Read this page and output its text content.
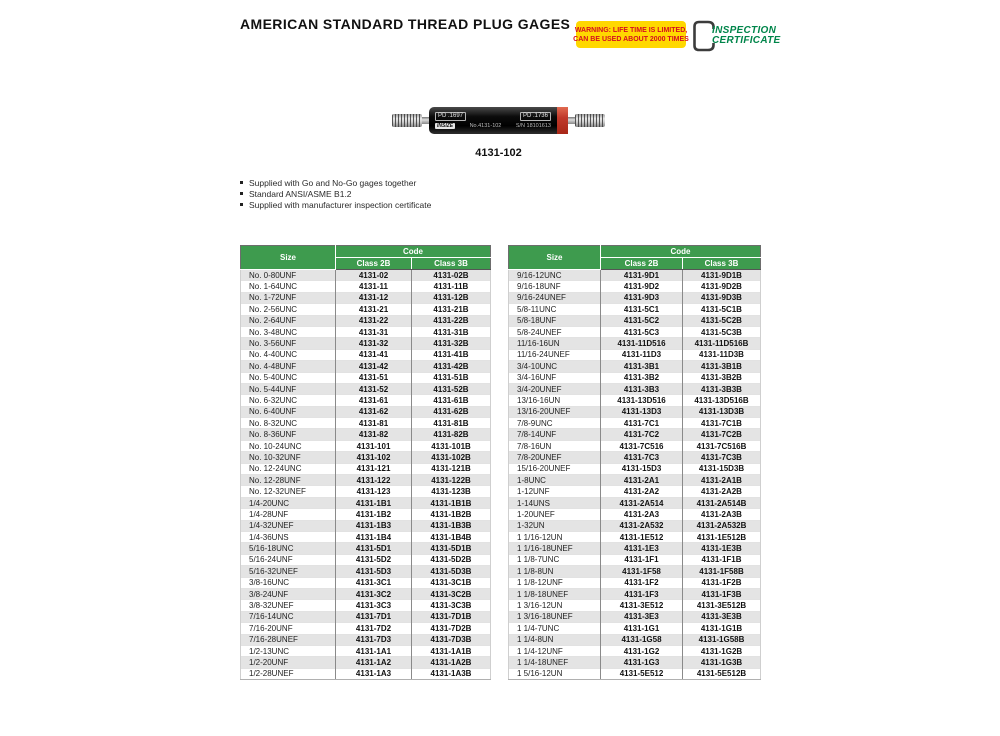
AMERICAN STANDARD THREAD PLUG GAGES WARNING: LIFE TIME IS LIMITED,
CAN BE USED ABOUT 2000 TIMES
INSPECTION
CERTIFICATE
PD .1697	PD .1736
INSIZE	No.4131-102	S/N 18101613
4131-102
Supplied with Go and No-Go gages together
Standard ANSI/ASME B1.2
Supplied with manufacturer inspection certificate
Size	Code	
	Class 2B	Class 3B
No. 0-80UNF	4131-02	4131-02B
No. 1-64UNC	4131-11	4131-11B
No. 1-72UNF	4131-12	4131-12B
No. 2-56UNC	4131-21	4131-21B
No. 2-64UNF	4131-22	4131-22B
No. 3-48UNC	4131-31	4131-31B
No. 3-56UNF	4131-32	4131-32B
No. 4-40UNC	4131-41	4131-41B
No. 4-48UNF	4131-42	4131-42B
No. 5-40UNC	4131-51	4131-51B
No. 5-44UNF	4131-52	4131-52B
No. 6-32UNC	4131-61	4131-61B
No. 6-40UNF	4131-62	4131-62B
No. 8-32UNC	4131-81	4131-81B
No. 8-36UNF	4131-82	4131-82B
No. 10-24UNC	4131-101	4131-101B
No. 10-32UNF	4131-102	4131-102B
No. 12-24UNC	4131-121	4131-121B
No. 12-28UNF	4131-122	4131-122B
No. 12-32UNEF	4131-123	4131-123B
1/4-20UNC	4131-1B1	4131-1B1B
1/4-28UNF	4131-1B2	4131-1B2B
1/4-32UNEF	4131-1B3	4131-1B3B
1/4-36UNS	4131-1B4	4131-1B4B
5/16-18UNC	4131-5D1	4131-5D1B
5/16-24UNF	4131-5D2	4131-5D2B
5/16-32UNEF	4131-5D3	4131-5D3B
3/8-16UNC	4131-3C1	4131-3C1B
3/8-24UNF	4131-3C2	4131-3C2B
3/8-32UNEF	4131-3C3	4131-3C3B
7/16-14UNC	4131-7D1	4131-7D1B
7/16-20UNF	4131-7D2	4131-7D2B
7/16-28UNEF	4131-7D3	4131-7D3B
1/2-13UNC	4131-1A1	4131-1A1B
1/2-20UNF	4131-1A2	4131-1A2B
1/2-28UNEF	4131-1A3	4131-1A3B
Size	Code	
	Class 2B	Class 3B
9/16-12UNC	4131-9D1	4131-9D1B
9/16-18UNF	4131-9D2	4131-9D2B
9/16-24UNEF	4131-9D3	4131-9D3B
5/8-11UNC	4131-5C1	4131-5C1B
5/8-18UNF	4131-5C2	4131-5C2B
5/8-24UNEF	4131-5C3	4131-5C3B
11/16-16UN	4131-11D516	4131-11D516B
11/16-24UNEF	4131-11D3	4131-11D3B
3/4-10UNC	4131-3B1	4131-3B1B
3/4-16UNF	4131-3B2	4131-3B2B
3/4-20UNEF	4131-3B3	4131-3B3B
13/16-16UN	4131-13D516	4131-13D516B
13/16-20UNEF	4131-13D3	4131-13D3B
7/8-9UNC	4131-7C1	4131-7C1B
7/8-14UNF	4131-7C2	4131-7C2B
7/8-16UN	4131-7C516	4131-7C516B
7/8-20UNEF	4131-7C3	4131-7C3B
15/16-20UNEF	4131-15D3	4131-15D3B
1-8UNC	4131-2A1	4131-2A1B
1-12UNF	4131-2A2	4131-2A2B
1-14UNS	4131-2A514	4131-2A514B
1-20UNEF	4131-2A3	4131-2A3B
1-32UN	4131-2A532	4131-2A532B
1 1/16-12UN	4131-1E512	4131-1E512B
1 1/16-18UNEF	4131-1E3	4131-1E3B
1 1/8-7UNC	4131-1F1	4131-1F1B
1 1/8-8UN	4131-1F58	4131-1F58B
1 1/8-12UNF	4131-1F2	4131-1F2B
1 1/8-18UNEF	4131-1F3	4131-1F3B
1 3/16-12UN	4131-3E512	4131-3E512B
1 3/16-18UNEF	4131-3E3	4131-3E3B
1 1/4-7UNC	4131-1G1	4131-1G1B
1 1/4-8UN	4131-1G58	4131-1G58B
1 1/4-12UNF	4131-1G2	4131-1G2B
1 1/4-18UNEF	4131-1G3	4131-1G3B
1 5/16-12UN	4131-5E512	4131-5E512B
